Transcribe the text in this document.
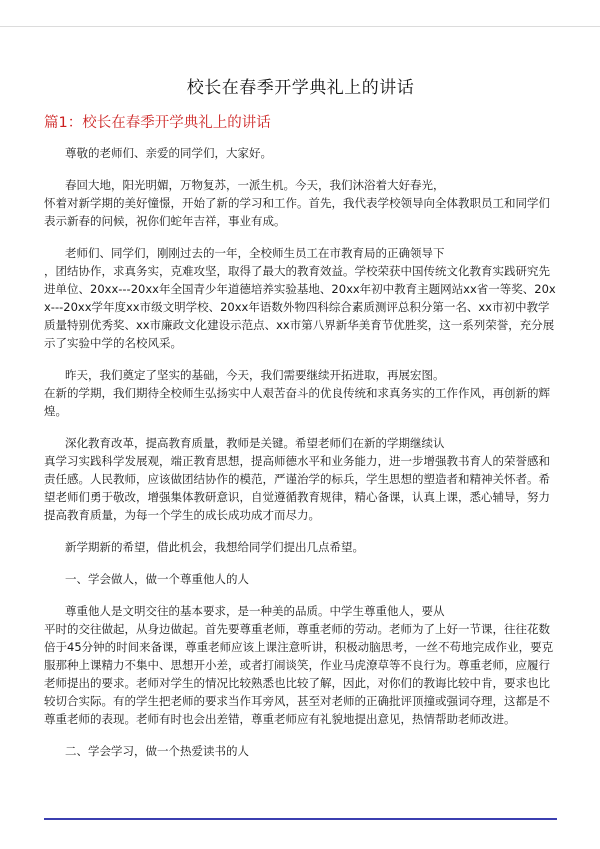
校长在春季开学典礼上的讲话
篇1：校长在春季开学典礼上的讲话

尊敬的老师们、亲爱的同学们，大家好。

春回大地，阳光明媚，万物复苏，一派生机。今天，我们沐浴着大好春光，
怀着对新学期的美好憧憬，开始了新的学习和工作。首先，我代表学校领导向全体教职员工和同学们表示新春的问候，祝你们蛇年吉祥，事业有成。

老师们、同学们，刚刚过去的一年，全校师生员工在市教育局的正确领导下
，团结协作，求真务实，克难攻坚，取得了最大的教育效益。学校荣获中国传统文化教育实践研究先进单位、20xx---20xx年全国青少年道德培养实验基地、20xx年初中教育主题网站xx省一等奖、20xx---20xx学年度xx市级文明学校、20xx年语数外物四科综合素质测评总积分第一名、xx市初中教学质量特别优秀奖、xx市廉政文化建设示范点、xx市第八界新华美育节优胜奖，这一系列荣誉，充分展示了实验中学的名校风采。

昨天，我们奠定了坚实的基础，今天，我们需要继续开拓进取，再展宏图。
在新的学期，我们期待全校师生弘扬实中人艰苦奋斗的优良传统和求真务实的工作作风，再创新的辉煌。

深化教育改革，提高教育质量，教师是关键。希望老师们在新的学期继续认
真学习实践科学发展观，端正教育思想，提高师德水平和业务能力，进一步增强教书育人的荣誉感和责任感。人民教师，应该做团结协作的模范，严谨治学的标兵，学生思想的塑造者和精神关怀者。希望老师们勇于敬改，增强集体教研意识，自觉遵循教育规律，精心备课，认真上课，悉心辅导，努力提高教育质量，为每一个学生的成长成功成才而尽力。

新学期新的希望，借此机会，我想给同学们提出几点希望。

一、学会做人，做一个尊重他人的人

尊重他人是文明交往的基本要求，是一种美的品质。中学生尊重他人，要从
平时的交往做起，从身边做起。首先要尊重老师，尊重老师的劳动。老师为了上好一节课，往往花数倍于45分钟的时间来备课，尊重老师应该上课注意听讲，积极动脑思考，一丝不苟地完成作业，要克服那种上课精力不集中、思想开小差，或者打闹谈笑，作业马虎潦草等不良行为。尊重老师，应履行老师提出的要求。老师对学生的情况比较熟悉也比较了解，因此，对你们的教诲比较中肯，要求也比较切合实际。有的学生把老师的要求当作耳旁风，甚至对老师的正确批评顶撞或强词夺理，这都是不尊重老师的表现。老师有时也会出差错，尊重老师应有礼貌地提出意见，热情帮助老师改进。

二、学会学习，做一个热爱读书的人
